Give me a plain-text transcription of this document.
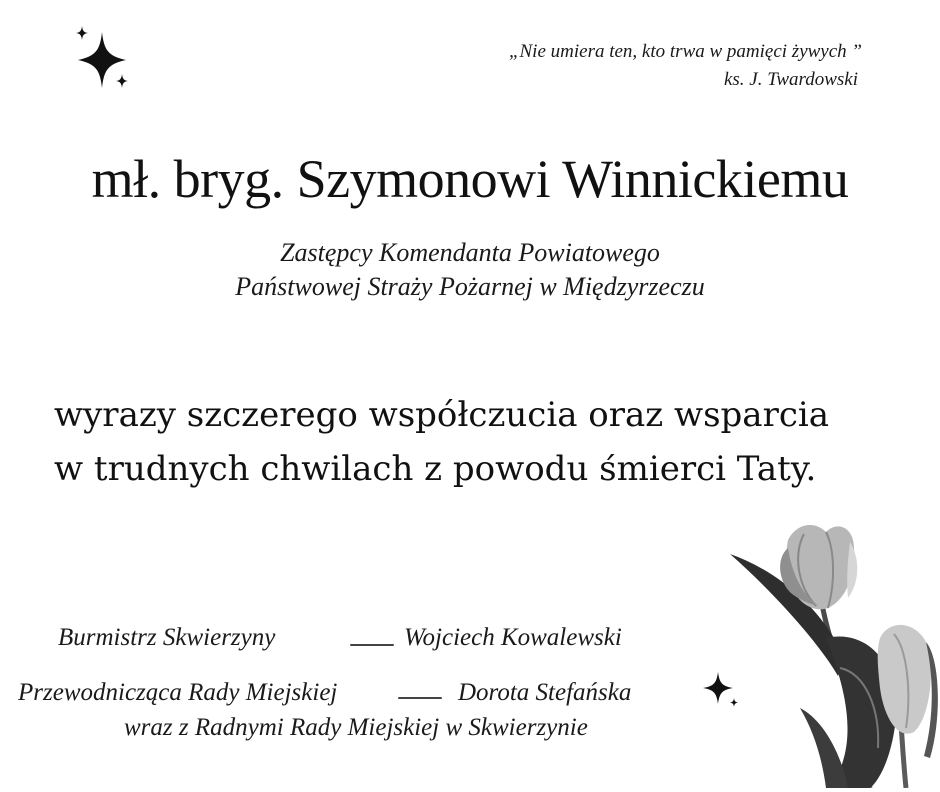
„Nie umiera ten, kto trwa w pamięci żywych ”
ks. J. Twardowski
mł. bryg. Szymonowi Winnickiemu
Zastępcy Komendanta Powiatowego
Państwowej Straży Pożarnej w Międzyrzeczu
wyrazy szczerego współczucia oraz wsparcia
w trudnych chwilach z powodu śmierci Taty.
Burmistrz Skwierzyny	Wojciech Kowalewski
Przewodnicząca Rady Miejskiej	Dorota Stefańska
wraz z Radnymi Rady Miejskiej w Skwierzynie
